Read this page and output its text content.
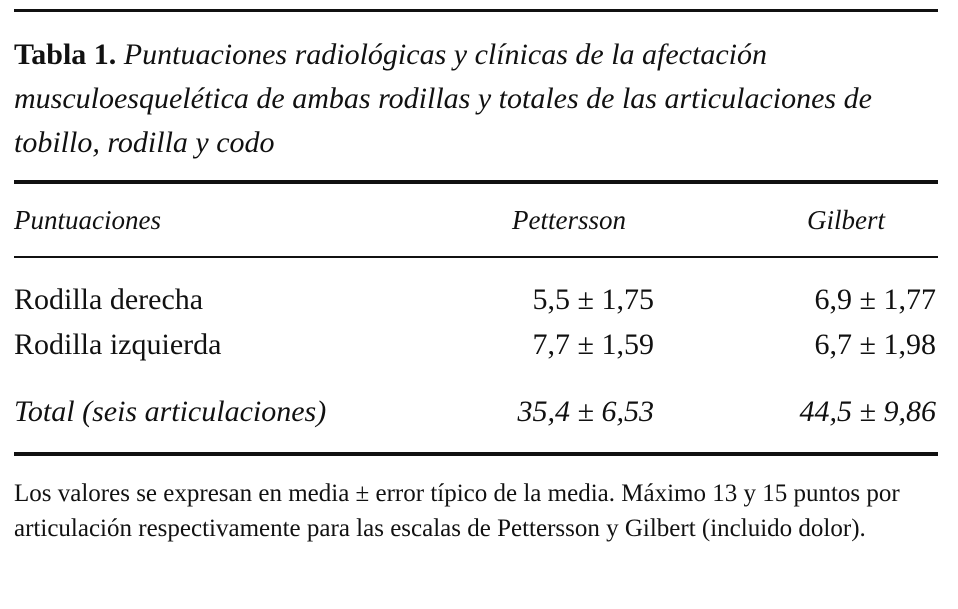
Tabla 1. Puntuaciones radiológicas y clínicas de la afectación musculoesquelética de ambas rodillas y totales de las articulaciones de tobillo, rodilla y codo
Puntuaciones	Pettersson	Gilbert
Rodilla derecha	5,5 ± 1,75	6,9 ± 1,77
Rodilla izquierda	7,7 ± 1,59	6,7 ± 1,98
Total (seis articulaciones)	35,4 ± 6,53	44,5 ± 9,86
Los valores se expresan en media ± error típico de la media. Máximo 13 y 15 puntos por articulación respectivamente para las escalas de Pettersson y Gilbert (incluido dolor).
